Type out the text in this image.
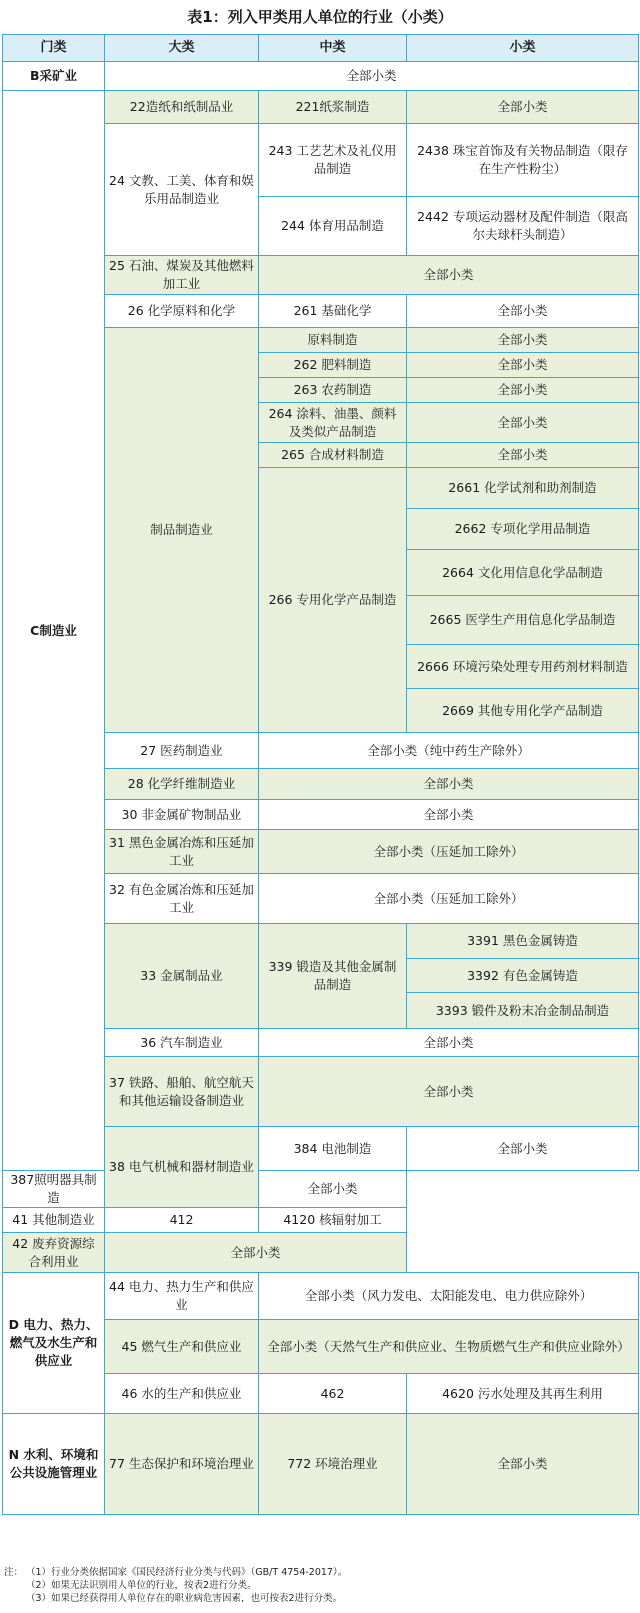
表1：列入甲类用人单位的行业（小类）
门类	大类	中类	小类
B采矿业	全部小类		
C制造业	22造纸和纸制品业	221纸浆制造	全部小类
	24 文教、工美、体育和娱乐用品制造业	243 工艺艺术及礼仪用品制造	2438 珠宝首饰及有关物品制造（限存在生产性粉尘）
		244 体育用品制造	2442 专项运动器材及配件制造（限高尔夫球杆头制造）
	25 石油、煤炭及其他燃料加工业	全部小类	
	26 化学原料和化学	261 基础化学	全部小类
	制品制造业	原料制造	全部小类
		262 肥料制造	全部小类
		263 农药制造	全部小类
		264 涂料、油墨、颜料及类似产品制造	全部小类
		265 合成材料制造	全部小类
		266 专用化学产品制造	2661 化学试剂和助剂制造
			2662 专项化学用品制造
			2664 文化用信息化学品制造
			2665 医学生产用信息化学品制造
			2666 环境污染处理专用药剂材料制造
			2669 其他专用化学产品制造
	27 医药制造业	全部小类（纯中药生产除外）	
	28 化学纤维制造业	全部小类	
	30 非金属矿物制品业	全部小类	
	31 黑色金属冶炼和压延加工业	全部小类（压延加工除外）	
	32 有色金属冶炼和压延加工业	全部小类（压延加工除外）	
	33 金属制品业	339 锻造及其他金属制品制造	3391 黑色金属铸造
			3392 有色金属铸造
			3393 锻件及粉末冶金制品制造
	36 汽车制造业	全部小类	
	37 铁路、船舶、航空航天和其他运输设备制造业	全部小类	
	38 电气机械和器材制造业	384 电池制造	全部小类
387照明器具制造		全部小类	
41 其他制造业	412	4120 核辐射加工	
42 废弃资源综合利用业	全部小类		
D 电力、热力、燃气及水生产和供应业	44 电力、热力生产和供应业	全部小类（风力发电、太阳能发电、电力供应除外）	
	45 燃气生产和供应业	全部小类（天然气生产和供应业、生物质燃气生产和供应业除外）	
	46 水的生产和供应业	462	4620 污水处理及其再生利用
N 水利、环境和公共设施管理业	77 生态保护和环境治理业	772 环境治理业	全部小类
注： （1）行业分类依据国家《国民经济行业分类与代码》（GB/T 4754-2017）。
（2）如果无法识别用人单位的行业，按表2进行分类。
（3）如果已经获得用人单位存在的职业病危害因素，也可按表2进行分类。
